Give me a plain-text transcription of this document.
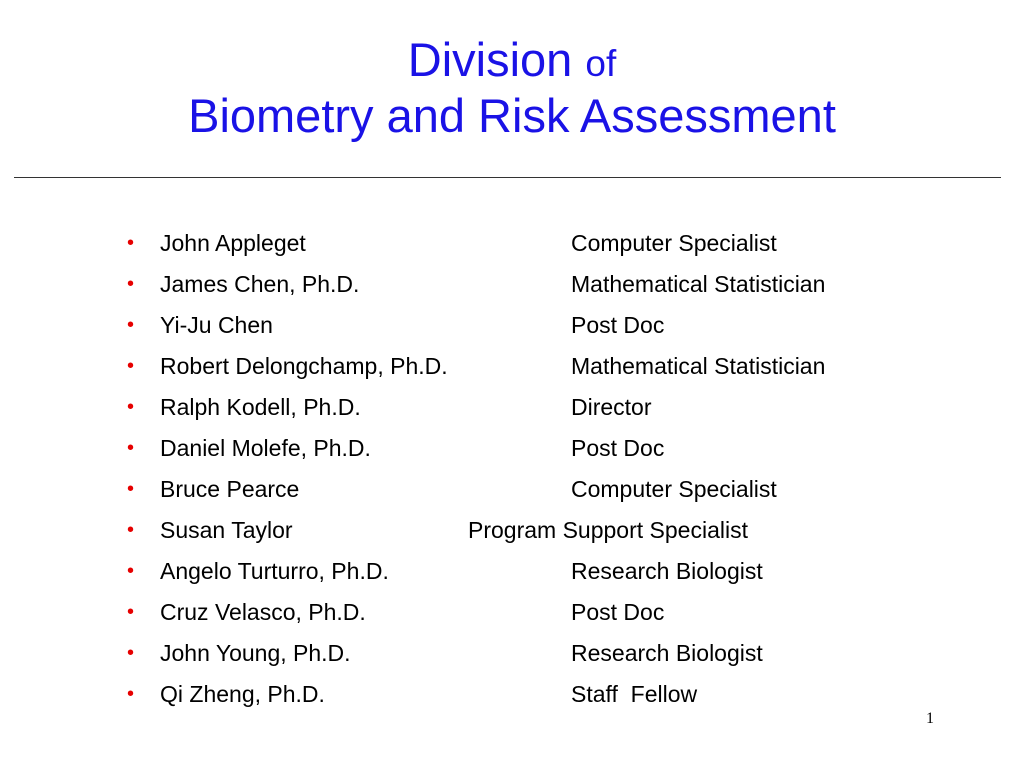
Division of
Biometry and Risk Assessment
• John Appleget	Computer Specialist
• James Chen, Ph.D.	Mathematical Statistician
• Yi-Ju Chen	Post Doc
• Robert Delongchamp, Ph.D.	Mathematical Statistician
• Ralph Kodell, Ph.D.	Director
• Daniel Molefe, Ph.D.	Post Doc
• Bruce Pearce	Computer Specialist
• Susan Taylor	Program Support Specialist
• Angelo Turturro, Ph.D.	Research Biologist
• Cruz Velasco, Ph.D.	Post Doc
• John Young, Ph.D.	Research Biologist
• Qi Zheng, Ph.D.	Staff  Fellow
1
